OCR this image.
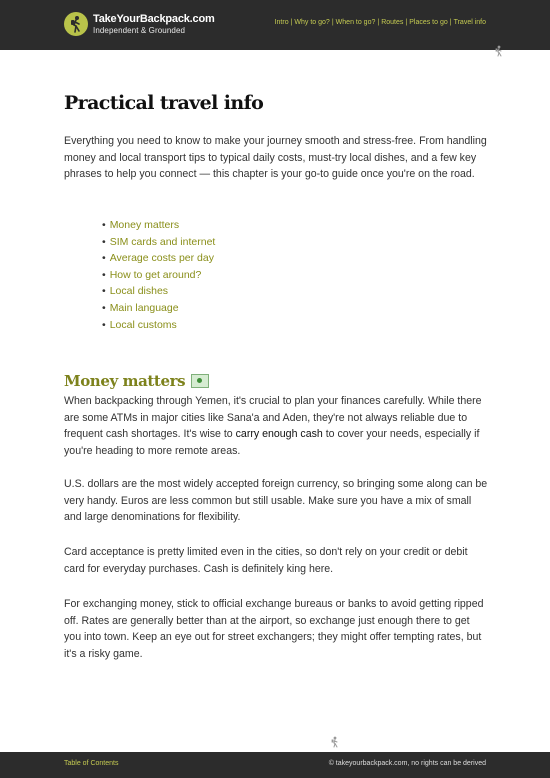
TakeYourBackpack.com
Independent & Grounded
Intro | Why to go? | When to go? | Routes | Places to go | Travel info
Practical travel info

Everything you need to know to make your journey smooth and stress-free. From handling money and local transport tips to typical daily costs, must-try local dishes, and a few key phrases to help you connect — this chapter is your go-to guide once you're on the road.

• Money matters
• SIM cards and internet
• Average costs per day
• How to get around?
• Local dishes
• Main language
• Local customs
Money matters

When backpacking through Yemen, it's crucial to plan your finances carefully. While there are some ATMs in major cities like Sana'a and Aden, they're not always reliable due to frequent cash shortages. It's wise to carry enough cash to cover your needs, especially if you're heading to more remote areas.

U.S. dollars are the most widely accepted foreign currency, so bringing some along can be very handy. Euros are less common but still usable. Make sure you have a mix of small and large denominations for flexibility.

Card acceptance is pretty limited even in the cities, so don't rely on your credit or debit card for everyday purchases. Cash is definitely king here.

For exchanging money, stick to official exchange bureaus or banks to avoid getting ripped off. Rates are generally better than at the airport, so exchange just enough there to get you into town. Keep an eye out for street exchangers; they might offer tempting rates, but it's a risky game.

Table of Contents	© takeyourbackpack.com, no rights can be derived
